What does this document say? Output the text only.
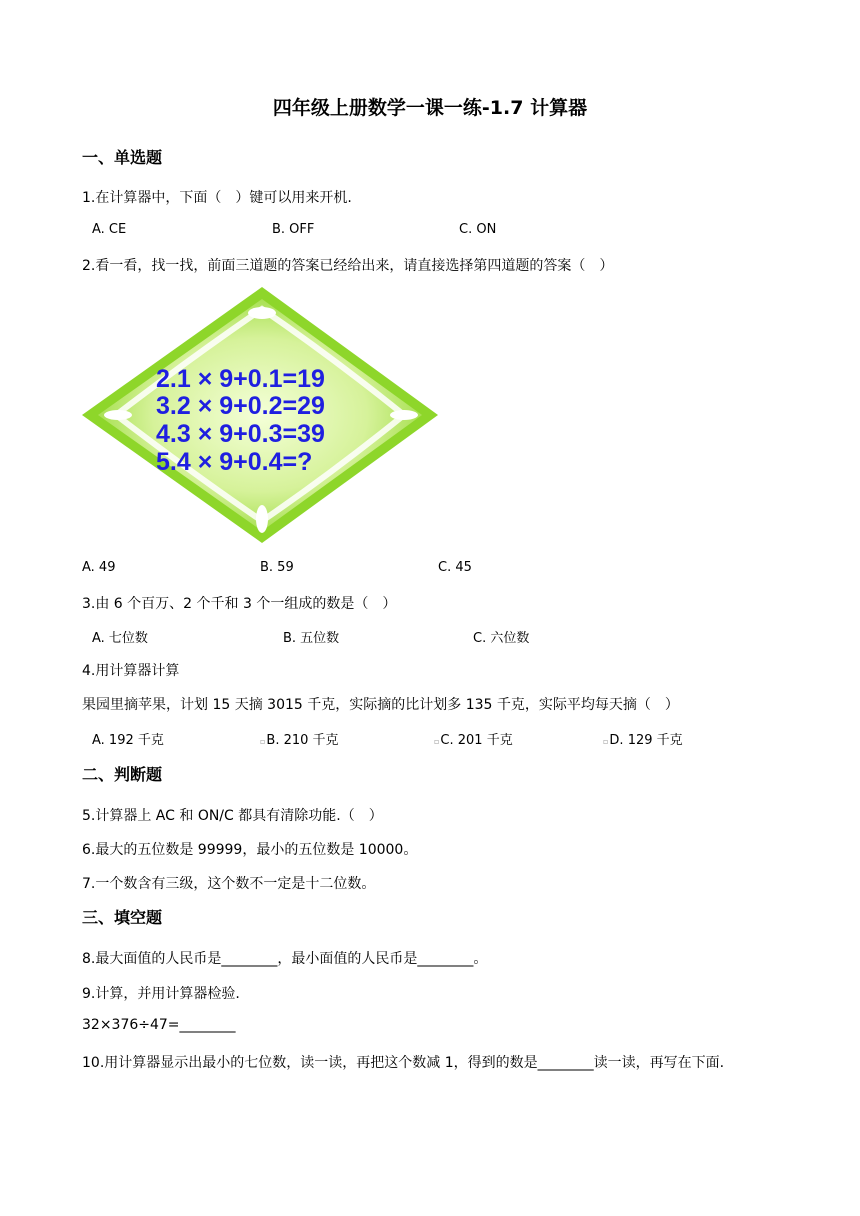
四年级上册数学一课一练-1.7 计算器
一、单选题
1.在计算器中，下面（　）键可以用来开机.
A. CE	B. OFF	C. ON
2.看一看，找一找，前面三道题的答案已经给出来，请直接选择第四道题的答案（　）
2.1 × 9+0.1=19
3.2 × 9+0.2=29
4.3 × 9+0.3=39
5.4 × 9+0.4=?
A. 49	B. 59	C. 45
3.由 6 个百万、2 个千和 3 个一组成的数是（　）
A. 七位数	B. 五位数	C. 六位数
4.用计算器计算
果园里摘苹果，计划 15 天摘 3015 千克，实际摘的比计划多 135 千克，实际平均每天摘（　）
A. 192 千克	▫B. 210 千克	▫C. 201 千克	▫D. 129 千克
二、判断题
5.计算器上 AC 和 ON/C 都具有清除功能.（　）
6.最大的五位数是 99999，最小的五位数是 10000。
7.一个数含有三级，这个数不一定是十二位数。
三、填空题
8.最大面值的人民币是________，最小面值的人民币是________。
9.计算，并用计算器检验.
32×376÷47=________
10.用计算器显示出最小的七位数，读一读，再把这个数减 1，得到的数是________读一读，再写在下面.
